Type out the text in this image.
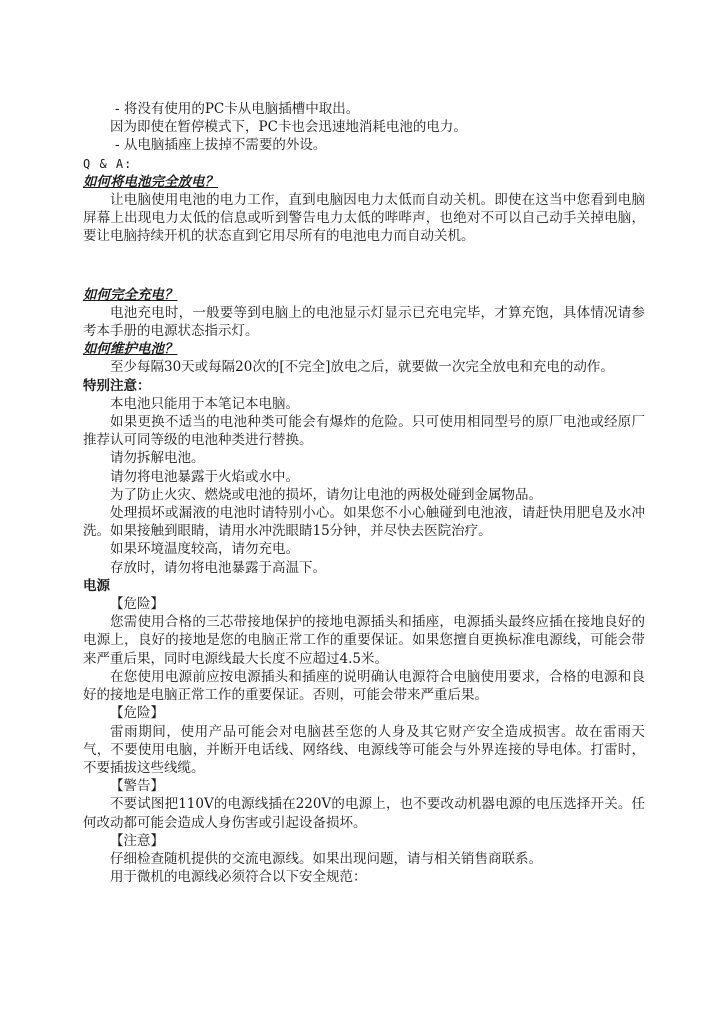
- 将没有使用的PC卡从电脑插槽中取出。

因为即使在暂停模式下，PC卡也会迅速地消耗电池的电力。

- 从电脑插座上拔掉不需要的外设。

Q & A:

如何将电池完全放电？

让电脑使用电池的电力工作，直到电脑因电力太低而自动关机。即使在这当中您看到电脑屏幕上出现电力太低的信息或听到警告电力太低的哔哔声，也绝对不可以自己动手关掉电脑，要让电脑持续开机的状态直到它用尽所有的电池电力而自动关机。

如何完全充电？

电池充电时，一般要等到电脑上的电池显示灯显示已充电完毕，才算充饱，具体情况请参考本手册的电源状态指示灯。

如何维护电池？

至少每隔30天或每隔20次的[不完全]放电之后，就要做一次完全放电和充电的动作。

特别注意：

本电池只能用于本笔记本电脑。

如果更换不适当的电池种类可能会有爆炸的危险。只可使用相同型号的原厂电池或经原厂推荐认可同等级的电池种类进行替换。

请勿拆解电池。

请勿将电池暴露于火焰或水中。

为了防止火灾、燃烧或电池的损坏，请勿让电池的两极处碰到金属物品。

处理损坏或漏液的电池时请特别小心。如果您不小心触碰到电池液，请赶快用肥皂及水冲洗。如果接触到眼睛，请用水冲洗眼睛15分钟，并尽快去医院治疗。

如果环境温度较高，请勿充电。

存放时，请勿将电池暴露于高温下。

电源

【危险】

您需使用合格的三芯带接地保护的接地电源插头和插座，电源插头最终应插在接地良好的电源上，良好的接地是您的电脑正常工作的重要保证。如果您擅自更换标准电源线，可能会带来严重后果，同时电源线最大长度不应超过4.5米。

在您使用电源前应按电源插头和插座的说明确认电源符合电脑使用要求，合格的电源和良好的接地是电脑正常工作的重要保证。否则，可能会带来严重后果。

【危险】

雷雨期间，使用产品可能会对电脑甚至您的人身及其它财产安全造成损害。故在雷雨天气，不要使用电脑，并断开电话线、网络线、电源线等可能会与外界连接的导电体。打雷时，不要插拔这些线缆。

【警告】

不要试图把110V的电源线插在220V的电源上，也不要改动机器电源的电压选择开关。任何改动都可能会造成人身伤害或引起设备损坏。

【注意】

仔细检查随机提供的交流电源线。如果出现问题，请与相关销售商联系。

用于微机的电源线必须符合以下安全规范：
